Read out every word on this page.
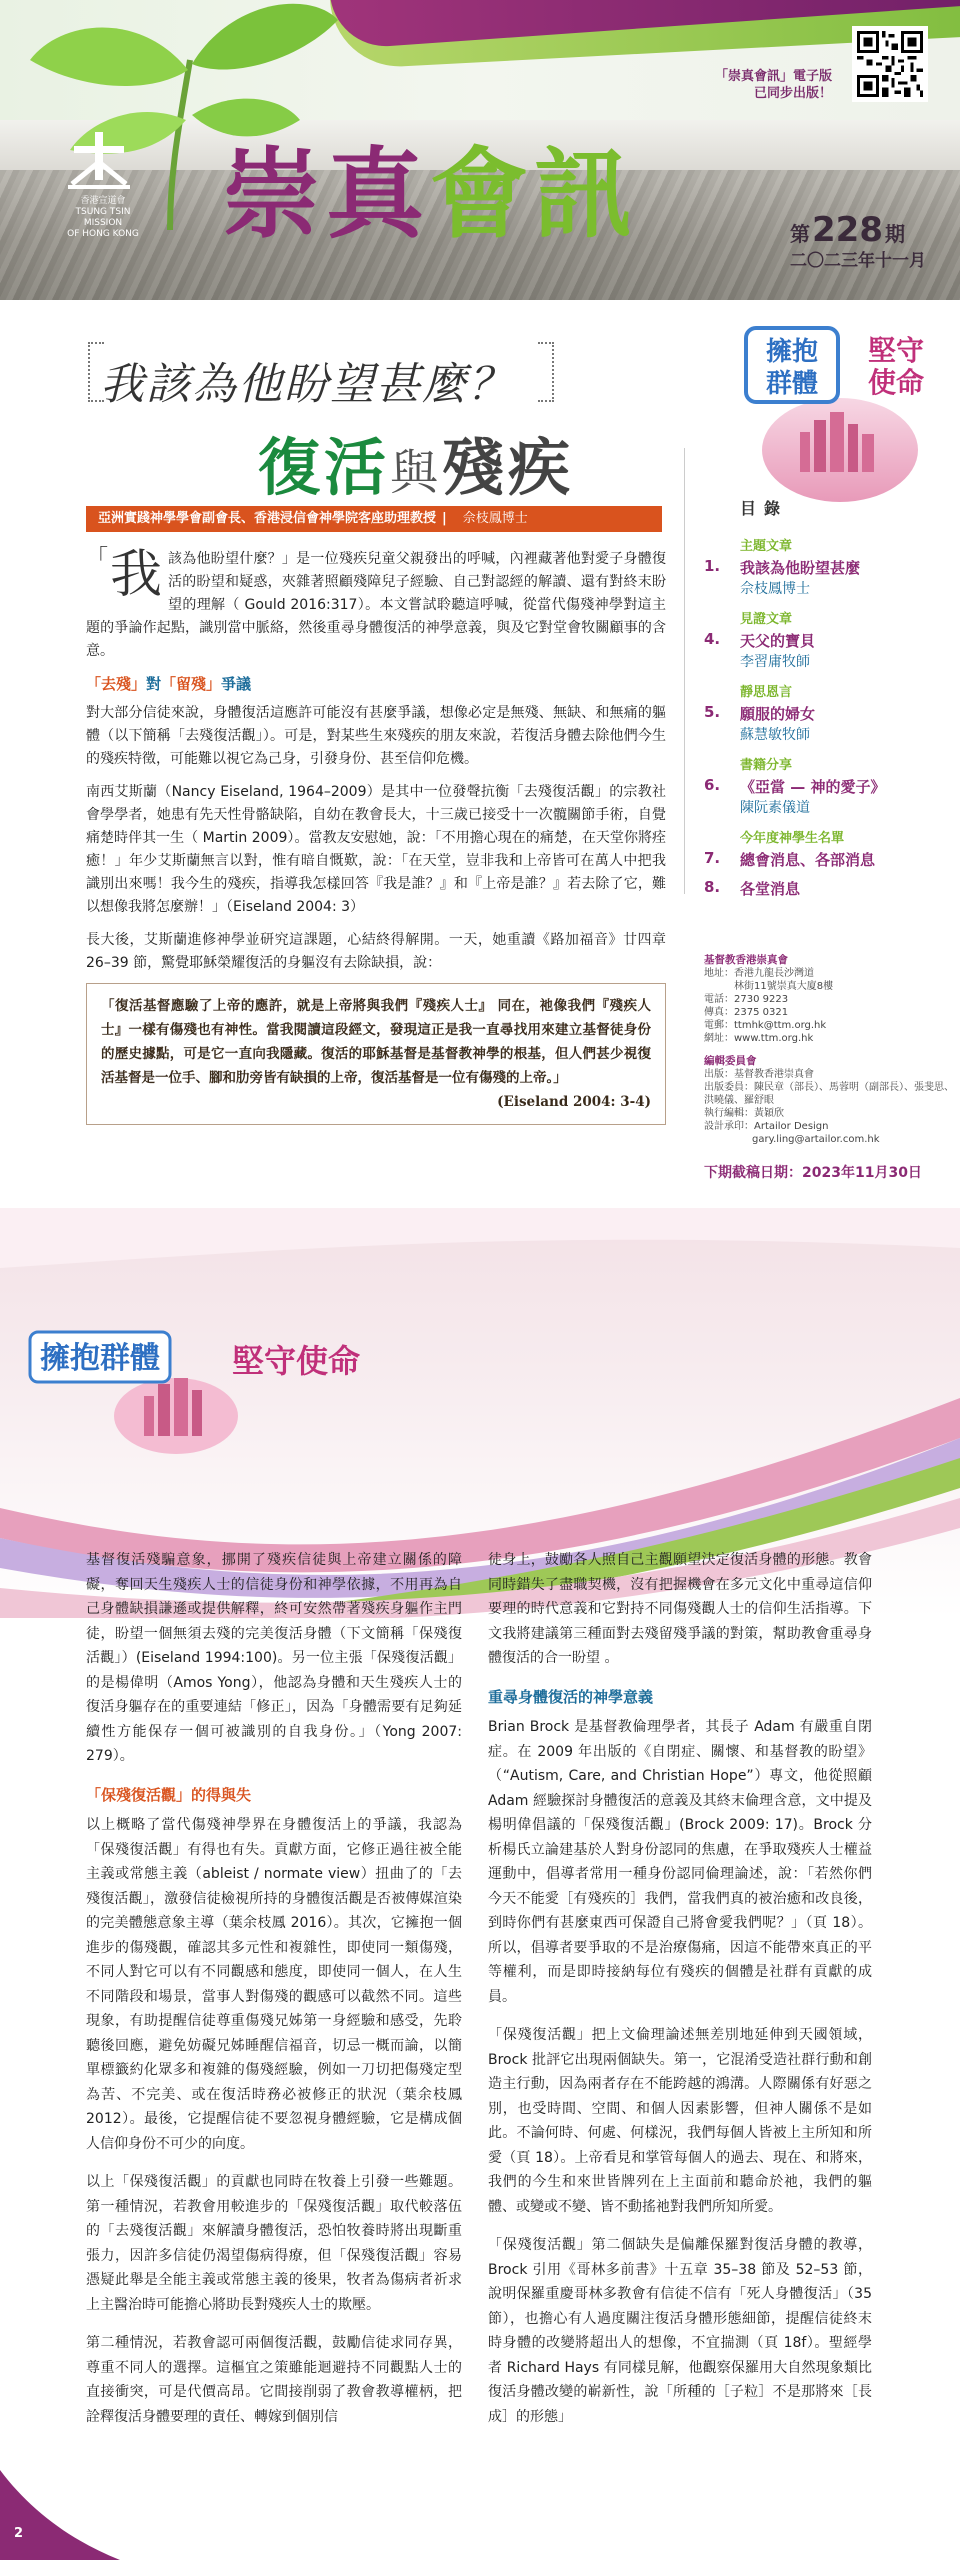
香港宣道會
TSUNG TSIN MISSION
OF HONG KONG 崇真會訊	第228 期
二〇二三年十一月
「崇真會訊」電子版
已同步出版！
我該為他盼望甚麼？
復活與殘疾
亞洲實踐神學學會副會長、香港浸信會神學院客座助理教授 | 佘枝鳳博士
「 我 該為他盼望什麼？」是一位殘疾兒童父親發出的呼喊，內裡藏著他對愛子身體復活的盼望和疑惑，夾雜著照顧殘障兒子經驗、自己對認經的解讀、還有對終末盼望的理解（ Gould 2016:317）。本文嘗試聆聽這呼喊，從當代傷殘神學對這主題的爭論作起點，識別當中脈絡，然後重尋身體復活的神學意義，與及它對堂會牧關顧事的含意。
「去殘」對「留殘」爭議

對大部分信徒來說，身體復活這應許可能沒有甚麼爭議，想像必定是無殘、無缺、和無痛的軀體（以下簡稱「去殘復活觀」）。可是，對某些生來殘疾的朋友來說，若復活身體去除他們今生的殘疾特徵，可能難以視它為己身，引發身份、甚至信仰危機。

南西艾斯蘭（Nancy Eiseland, 1964–2009）是其中一位發聲抗衡「去殘復活觀」的宗教社會學學者，她患有先天性骨骼缺陷，自幼在教會長大，十三歲已接受十一次髖關節手術，自覺痛楚時伴其一生（ Martin 2009）。當教友安慰她，說：「不用擔心現在的痛楚，在天堂你將痊癒！」年少艾斯蘭無言以對，惟有暗自慨歎，說：「在天堂，豈非我和上帝皆可在萬人中把我識別出來嗎！我今生的殘疾，指導我怎樣回答『我是誰？』和『上帝是誰？』若去除了它，難以想像我將怎麼辦！」（Eiseland 2004: 3）

長大後，艾斯蘭進修神學並研究這課題，心結終得解開。一天，她重讀《路加福音》廿四章 26–39 節，驚覺耶穌榮耀復活的身軀沒有去除缺損，說：

「復活基督應驗了上帝的應許，就是上帝將與我們『殘疾人士』 同在，祂像我們『殘疾人士』一樣有傷殘也有神性。當我閱讀這段經文，發現這正是我一直尋找用來建立基督徒身份的歷史據點，可是它一直向我隱藏。復活的耶穌基督是基督教神學的根基，但人們甚少視復活基督是一位手、腳和肋旁皆有缺損的上帝，復活基督是一位有傷殘的上帝。」
(Eiseland 2004: 3-4)
擁抱
群體
堅守
使命
目錄
主題文章
1.	我該為他盼望甚麼
佘枝鳳博士
見證文章
4.	天父的寶貝
李習庸牧師
靜思恩言
5.	願服的婦女
蘇慧敏牧師
書籍分享
6.	《亞當 — 神的愛子》
陳阮素儀道
今年度神學生名單
7.	總會消息、各部消息
8.	各堂消息
基督教香港崇真會
地址：香港九龍長沙灣道
林街11號崇真大廈8樓
電話：2730 9223
傳真：2375 0321
電郵：ttmhk@ttm.org.hk
網址：www.ttm.org.hk
編輯委員會
出版：基督教香港崇真會
出版委員：陳民章（部長）、馬蓉明（副部長）、張斐思、洪曉儀、羅舒眼
執行編輯：黃穎欣
設計承印：Artailor Design
gary.ling@artailor.com.hk
下期截稿日期：2023年11月30日
擁抱群體 堅守使命

基督復活殘騙意象，挪開了殘疾信徒與上帝建立關係的障礙，奪回天生殘疾人士的信徒身份和神學依據，不用再為自己身體缺損謙遜或提供解釋，終可安然帶著殘疾身軀作主門徒，盼望一個無須去殘的完美復活身體（下文簡稱「保殘復活觀」）(Eiseland 1994:100)。另一位主張「保殘復活觀」的是楊偉明（Amos Yong），他認為身體和天生殘疾人士的復活身軀存在的重要連結「修正」，因為「身體需要有足夠延續性方能保存一個可被識別的自我身份。」（Yong 2007: 279）。

「保殘復活觀」的得與失

以上概略了當代傷殘神學界在身體復活上的爭議，我認為「保殘復活觀」有得也有失。貢獻方面，它修正過往被全能主義或常態主義（ableist / normate view）扭曲了的「去殘復活觀」，激發信徒檢視所持的身體復活觀是否被傳媒渲染的完美體態意象主導（葉余枝鳳 2016）。其次，它擁抱一個進步的傷殘觀，確認其多元性和複雜性，即使同一類傷殘，不同人對它可以有不同觀感和態度，即使同一個人，在人生不同階段和場景，當事人對傷殘的觀感可以截然不同。這些現象，有助提醒信徒尊重傷殘兄姊第一身經驗和感受，先聆聽後回應，避免妨礙兄姊睡醒信福音，切忌一概而論，以簡單標籤約化眾多和複雜的傷殘經驗，例如一刀切把傷殘定型為苦、不完美、或在復活時務必被修正的狀況（葉余枝鳳 2012）。最後，它提醒信徒不要忽視身體經驗，它是構成個人信仰身份不可少的向度。

以上「保殘復活觀」的貢獻也同時在牧養上引發一些難題。第一種情況，若教會用較進步的「保殘復活觀」取代較落伍的「去殘復活觀」來解讀身體復活，恐怕牧養時將出現斷重張力，因許多信徒仍渴望傷病得療，但「保殘復活觀」容易憑疑此舉是全能主義或常態主義的後果，牧者為傷病者祈求上主醫治時可能擔心將助長對殘疾人士的欺壓。

第二種情況，若教會認可兩個復活觀，鼓勵信徒求同存異，尊重不同人的選擇。這樞宜之策雖能迴避持不同觀點人士的直接衝突，可是代價高昂。它間接削弱了教會教導權柄，把詮釋復活身體要理的責任、轉嫁到個別信

徒身上，鼓勵各人照自己主觀願望決定復活身體的形態。教會同時錯失了盡職契機，沒有把握機會在多元文化中重尋這信仰要理的時代意義和它對持不同傷殘觀人士的信仰生活指導。下文我將建議第三種面對去殘留殘爭議的對策，幫助教會重尋身體復活的合一盼望 。

重尋身體復活的神學意義

Brian Brock 是基督教倫理學者，其長子 Adam 有嚴重自閉症。在 2009 年出版的《自閉症、關懷、和基督教的盼望》（“Autism, Care, and Christian Hope”）專文，他從照顧 Adam 經驗探討身體復活的意義及其終末倫理含意，文中提及楊明偉倡議的「保殘復活觀」(Brock 2009: 17)。Brock 分析楊氏立論建基於人對身份認同的焦慮，在爭取殘疾人士權益運動中，倡導者常用一種身份認同倫理論述，說：「若然你們今天不能愛［有殘疾的］我們，當我們真的被治癒和改良後，到時你們有甚麼東西可保證自己將會愛我們呢？」（頁 18）。所以，倡導者要爭取的不是治療傷痛，因這不能帶來真正的平等權利，而是即時接納每位有殘疾的個體是社群有貢獻的成員。

「保殘復活觀」把上文倫理論述無差別地延伸到天國領域，Brock 批評它出現兩個缺失。第一，它混淆受造社群行動和創造主行動，因為兩者存在不能跨越的鴻溝。人際關係有好惡之別，也受時間、空間、和個人因素影響，但神人關係不是如此。不論何時、何處、何樣況，我們每個人皆被上主所知和所愛（頁 18）。上帝看見和掌管每個人的過去、現在、和將來，我們的今生和來世皆牌列在上主面前和聽命於祂，我們的軀體、或變或不變、皆不動搖祂對我們所知所愛。

「保殘復活觀」第二個缺失是偏離保羅對復活身體的教導，Brock 引用《哥林多前書》十五章 35–38 節及 52–53 節，說明保羅重慶哥林多教會有信徒不信有「死人身體復活」（35 節），也擔心有人過度關注復活身體形態細節，提醒信徒終末時身體的改變將超出人的想像，不宜揣測（頁 18f）。聖經學者 Richard Hays 有同樣見解，他觀察保羅用大自然現象類比復活身體改變的嶄新性，說「所種的［子粒］不是那將來［長成］的形態」

2
